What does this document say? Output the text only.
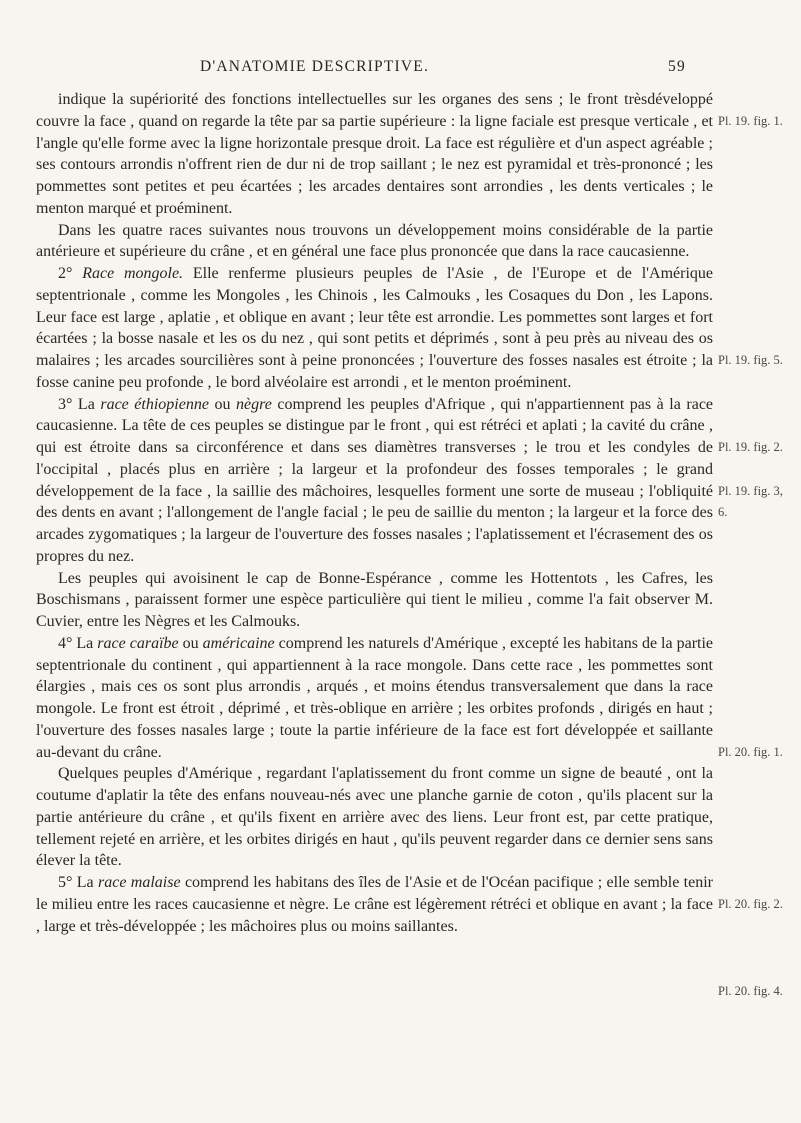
D'ANATOMIE DESCRIPTIVE.	59

indique la supériorité des fonctions intellectuelles sur les organes des sens ; le front trèsdéveloppé couvre la face , quand on regarde la tête par sa partie supérieure : la ligne faciale est presque verticale , et l'angle qu'elle forme avec la ligne horizontale presque droit. La face est régulière et d'un aspect agréable ; ses contours arrondis n'offrent rien de dur ni de trop saillant ; le nez est pyramidal et très-prononcé ; les pommettes sont petites et peu écartées ; les arcades dentaires sont arrondies , les dents verticales ; le menton marqué et proéminent.

Dans les quatre races suivantes nous trouvons un développement moins considérable de la partie antérieure et supérieure du crâne , et en général une face plus prononcée que dans la race caucasienne.

2° Race mongole. Elle renferme plusieurs peuples de l'Asie , de l'Europe et de l'Amérique septentrionale , comme les Mongoles , les Chinois , les Calmouks , les Cosaques du Don , les Lapons. Leur face est large , aplatie , et oblique en avant ; leur tête est arrondie. Les pommettes sont larges et fort écartées ; la bosse nasale et les os du nez , qui sont petits et déprimés , sont à peu près au niveau des os malaires ; les arcades sourcilières sont à peine prononcées ; l'ouverture des fosses nasales est étroite ; la fosse canine peu profonde , le bord alvéolaire est arrondi , et le menton proéminent.

3° La race éthiopienne ou nègre comprend les peuples d'Afrique , qui n'appartiennent pas à la race caucasienne. La tête de ces peuples se distingue par le front , qui est rétréci et aplati ; la cavité du crâne , qui est étroite dans sa circonférence et dans ses diamètres transverses ; le trou et les condyles de l'occipital , placés plus en arrière ; la largeur et la profondeur des fosses temporales ; le grand développement de la face , la saillie des mâchoires, lesquelles forment une sorte de museau ; l'obliquité des dents en avant ; l'allongement de l'angle facial ; le peu de saillie du menton ; la largeur et la force des arcades zygomatiques ; la largeur de l'ouverture des fosses nasales ; l'aplatissement et l'écrasement des os propres du nez.

Les peuples qui avoisinent le cap de Bonne-Espérance , comme les Hottentots , les Cafres, les Boschismans , paraissent former une espèce particulière qui tient le milieu , comme l'a fait observer M. Cuvier, entre les Nègres et les Calmouks.

4° La race caraïbe ou américaine comprend les naturels d'Amérique , excepté les habitans de la partie septentrionale du continent , qui appartiennent à la race mongole. Dans cette race , les pommettes sont élargies , mais ces os sont plus arrondis , arqués , et moins étendus transversalement que dans la race mongole. Le front est étroit , déprimé , et très-oblique en arrière ; les orbites profonds , dirigés en haut ; l'ouverture des fosses nasales large ; toute la partie inférieure de la face est fort développée et saillante au-devant du crâne.

Quelques peuples d'Amérique , regardant l'aplatissement du front comme un signe de beauté , ont la coutume d'aplatir la tête des enfans nouveau-nés avec une planche garnie de coton , qu'ils placent sur la partie antérieure du crâne , et qu'ils fixent en arrière avec des liens. Leur front est, par cette pratique, tellement rejeté en arrière, et les orbites dirigés en haut , qu'ils peuvent regarder dans ce dernier sens sans élever la tête.

5° La race malaise comprend les habitans des îles de l'Asie et de l'Océan pacifique ; elle semble tenir le milieu entre les races caucasienne et nègre. Le crâne est légèrement rétréci et oblique en avant ; la face , large et très-développée ; les mâchoires plus ou moins saillantes.

Pl. 19. fig. 1.
Pl. 19. fig. 5.
Pl. 19. fig. 2.
Pl. 19. fig. 3,
6.
Pl. 20. fig. 1.
Pl. 20. fig. 2.
Pl. 20. fig. 4.
